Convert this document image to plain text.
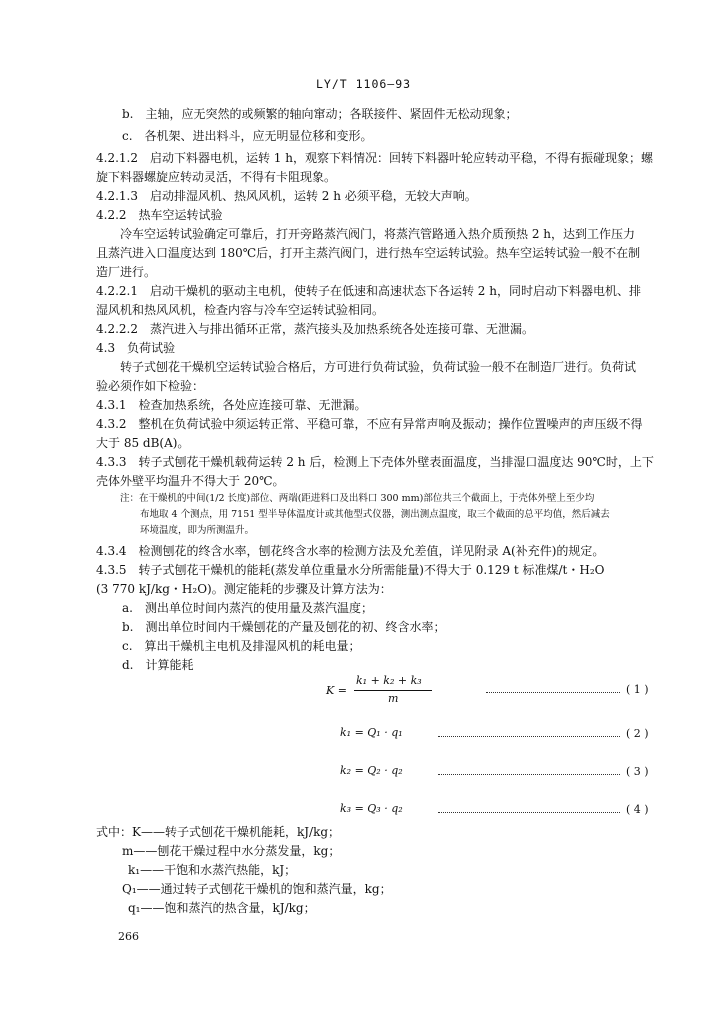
LY/T 1106—93
b.　主轴，应无突然的或频繁的轴向窜动；各联接件、紧固件无松动现象；
c.　各机架、进出料斗，应无明显位移和变形。
4.2.1.2　启动下料器电机，运转 1 h，观察下料情况：回转下料器叶轮应转动平稳，不得有振碰现象；螺
旋下料器螺旋应转动灵活，不得有卡阻现象。
4.2.1.3　启动排湿风机、热风风机，运转 2 h 必须平稳，无较大声响。
4.2.2　热车空运转试验
冷车空运转试验确定可靠后，打开旁路蒸汽阀门，将蒸汽管路通入热介质预热 2 h，达到工作压力
且蒸汽进入口温度达到 180℃后，打开主蒸汽阀门，进行热车空运转试验。热车空运转试验一般不在制
造厂进行。
4.2.2.1　启动干燥机的驱动主电机，使转子在低速和高速状态下各运转 2 h，同时启动下料器电机、排
湿风机和热风风机，检查内容与冷车空运转试验相同。
4.2.2.2　蒸汽进入与排出循环正常，蒸汽接头及加热系统各处连接可靠、无泄漏。
4.3　负荷试验
转子式刨花干燥机空运转试验合格后，方可进行负荷试验，负荷试验一般不在制造厂进行。负荷试
验必须作如下检验：
4.3.1　检查加热系统，各处应连接可靠、无泄漏。
4.3.2　整机在负荷试验中须运转正常、平稳可靠，不应有异常声响及振动；操作位置噪声的声压级不得
大于 85 dB(A)。
4.3.3　转子式刨花干燥机载荷运转 2 h 后，检测上下壳体外壁表面温度，当排湿口温度达 90℃时，上下
壳体外壁平均温升不得大于 20℃。
注：在干燥机的中间(1/2 长度)部位、两端(距进料口及出料口 300 mm)部位共三个截面上，于壳体外壁上至少均
布地取 4 个测点，用 7151 型半导体温度计或其他型式仪器，测出测点温度，取三个截面的总平均值，然后减去
环境温度，即为所测温升。
4.3.4　检测刨花的终含水率，刨花终含水率的检测方法及允差值，详见附录 A(补充件)的规定。
4.3.5　转子式刨花干燥机的能耗(蒸发单位重量水分所需能量)不得大于 0.129 t 标准煤/t・H₂O
(3 770 kJ/kg・H₂O)。测定能耗的步骤及计算方法为：
a.　测出单位时间内蒸汽的使用量及蒸汽温度；
b.　测出单位时间内干燥刨花的产量及刨花的初、终含水率；
c.　算出干燥机主电机及排湿风机的耗电量；
d.　计算能耗
K =
k₁ + k₂ + k₃
m
( 1 )
k₁ = Q₁ · q₁	( 2 )
k₂ = Q₂ · q₂	( 3 )
k₃ = Q₃ · q₂	( 4 )
式中：K——转子式刨花干燥机能耗，kJ/kg；
m——刨花干燥过程中水分蒸发量，kg；
k₁——干饱和水蒸汽热能，kJ；
Q₁——通过转子式刨花干燥机的饱和蒸汽量，kg；
q₁——饱和蒸汽的热含量，kJ/kg；
266
